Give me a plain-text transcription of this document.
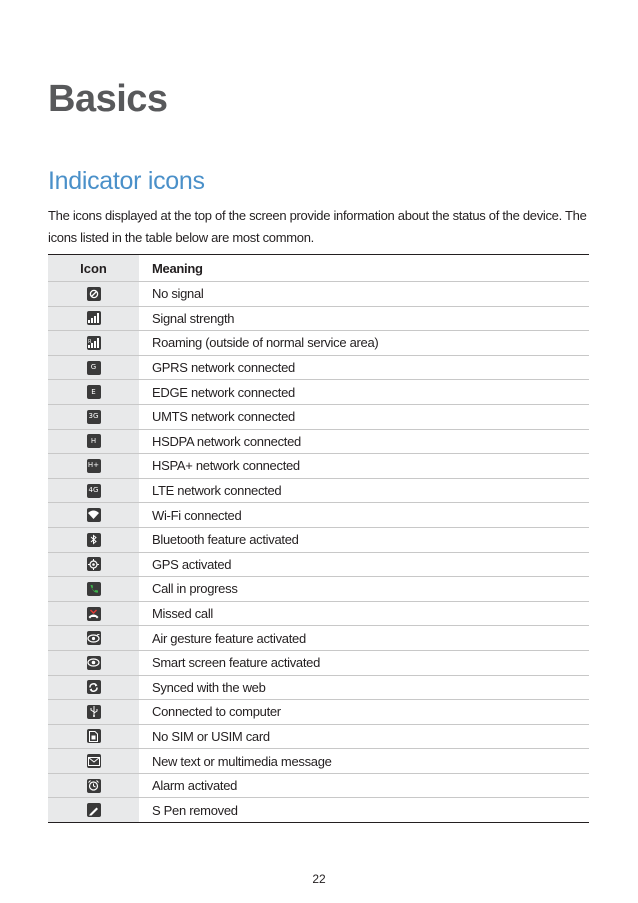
Basics
Indicator icons

The icons displayed at the top of the screen provide information about the status of the device. The icons listed in the table below are most common.

Icon	Meaning
No signal
Signal strength
R	Roaming (outside of normal service area)
G	GPRS network connected
E	EDGE network connected
3G	UMTS network connected
H	HSDPA network connected
H+	HSPA+ network connected
4G	LTE network connected
Wi-Fi connected
Bluetooth feature activated
GPS activated
Call in progress
Missed call
Air gesture feature activated
Smart screen feature activated
Synced with the web
Connected to computer
No SIM or USIM card
New text or multimedia message
Alarm activated
S Pen removed

22
